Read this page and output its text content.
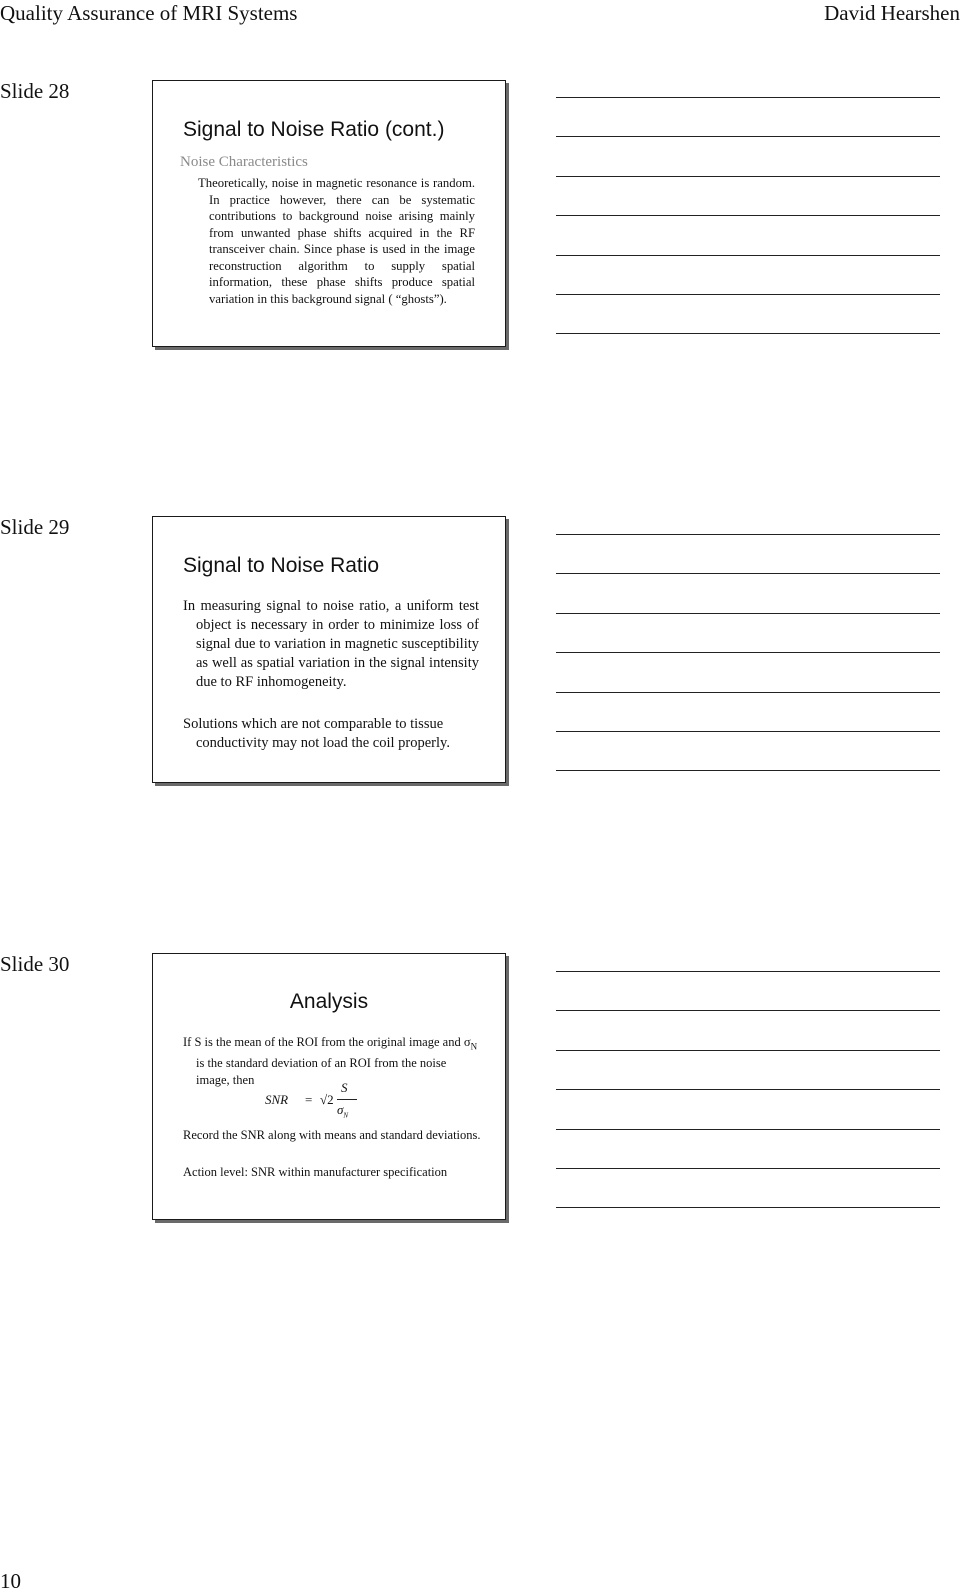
Quality Assurance of MRI Systems	David Hearshen
Slide 28
Signal to Noise Ratio (cont.)
Noise Characteristics
Theoretically, noise in magnetic resonance is random. In practice however, there can be systematic contributions to background noise arising mainly from unwanted phase shifts acquired in the RF transceiver chain. Since phase is used in the image reconstruction algorithm to supply spatial information, these phase shifts produce spatial variation in this background signal ( “ghosts”).
Slide 29
Signal to Noise Ratio
In measuring signal to noise ratio, a uniform test object is necessary in order to minimize loss of signal due to variation in magnetic susceptibility as well as spatial variation in the signal intensity due to RF inhomogeneity.
Solutions which are not comparable to tissue conductivity may not load the coil properly.
Slide 30
Analysis
If S is the mean of the ROI from the original image and $\sigma_N$ is the standard deviation of an ROI from the noise image, then
SNR = √2
S
$\sigma_N$
Record the SNR along with means and standard deviations.
Action level: SNR within manufacturer specification
10
